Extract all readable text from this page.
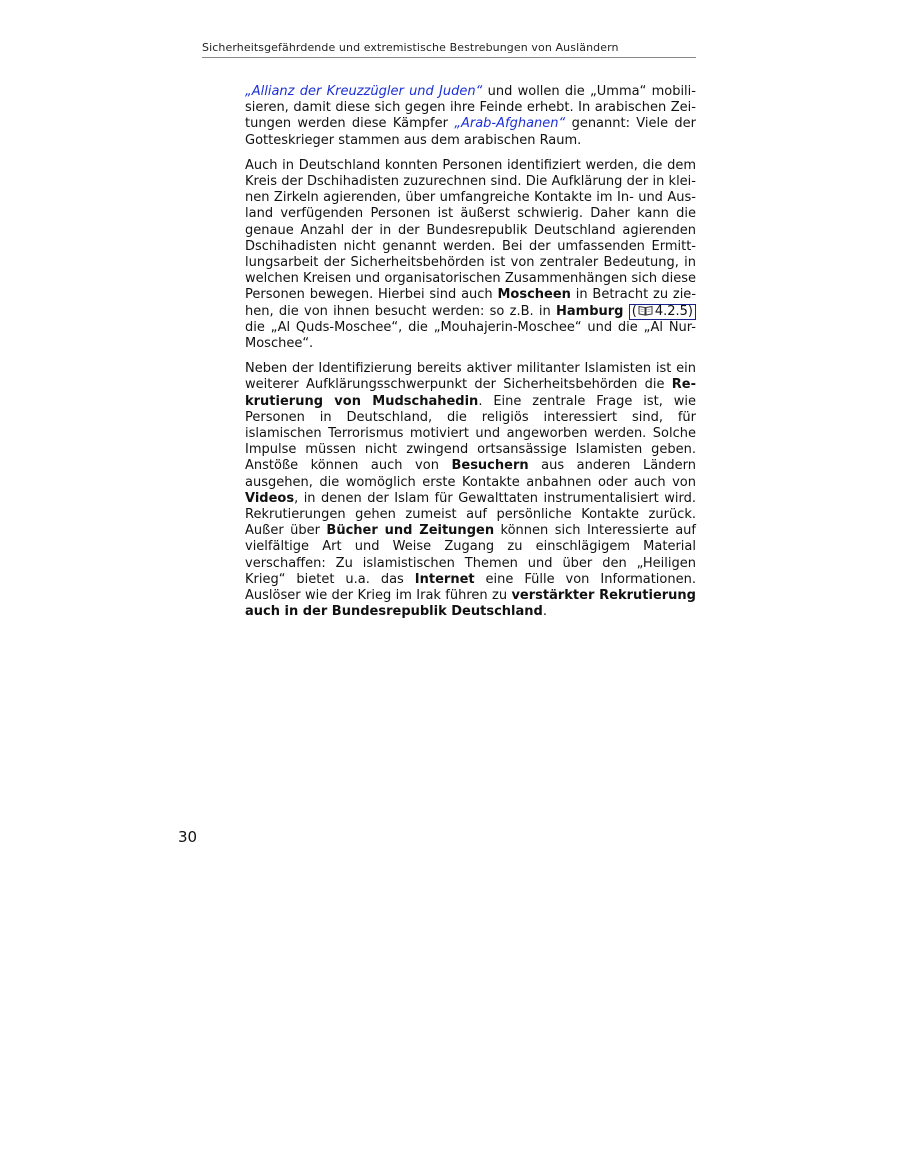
Sicherheitsgefährdende und extremistische Bestrebungen von Ausländern

„Allianz der Kreuzzügler und Juden“ und wollen die „Umma“ mobilisieren, damit diese sich gegen ihre Feinde erhebt. In arabischen Zeitungen werden diese Kämpfer „Arab-Afghanen“ genannt: Viele der Gotteskrieger stammen aus dem arabischen Raum.

Auch in Deutschland konnten Personen identifiziert werden, die dem Kreis der Dschihadisten zuzurechnen sind. Die Aufklärung der in kleinen Zirkeln agierenden, über umfangreiche Kontakte im In- und Ausland verfügenden Personen ist äußerst schwierig. Daher kann die genaue Anzahl der in der Bundesrepublik Deutschland agierenden Dschihadisten nicht genannt werden. Bei der umfassenden Ermittlungsarbeit der Sicherheitsbehörden ist von zentraler Bedeutung, in welchen Kreisen und organisatorischen Zusammenhängen sich diese Personen bewegen. Hierbei sind auch Moscheen in Betracht zu ziehen, die von ihnen besucht werden: so z.B. in Hamburg ( 4.2.5) die „Al Quds-Moschee“, die „Mouhajerin-Moschee“ und die „Al Nur-Moschee“.

Neben der Identifizierung bereits aktiver militanter Islamisten ist ein weiterer Aufklärungsschwerpunkt der Sicherheitsbehörden die Rekrutierung von Mudschahedin. Eine zentrale Frage ist, wie Personen in Deutschland, die religiös interessiert sind, für islamischen Terrorismus motiviert und angeworben werden. Solche Impulse müssen nicht zwingend ortsansässige Islamisten geben. Anstöße können auch von Besuchern aus anderen Ländern ausgehen, die womöglich erste Kontakte anbahnen oder auch von Videos, in denen der Islam für Gewalttaten instrumentalisiert wird. Rekrutierungen gehen zumeist auf persönliche Kontakte zurück. Außer über Bücher und Zeitungen können sich Interessierte auf vielfältige Art und Weise Zugang zu einschlägigem Material verschaffen: Zu islamistischen Themen und über den „Heiligen Krieg“ bietet u.a. das Internet eine Fülle von Informationen. Auslöser wie der Krieg im Irak führen zu verstärkter Rekrutierung auch in der Bundesrepublik Deutschland.

30
